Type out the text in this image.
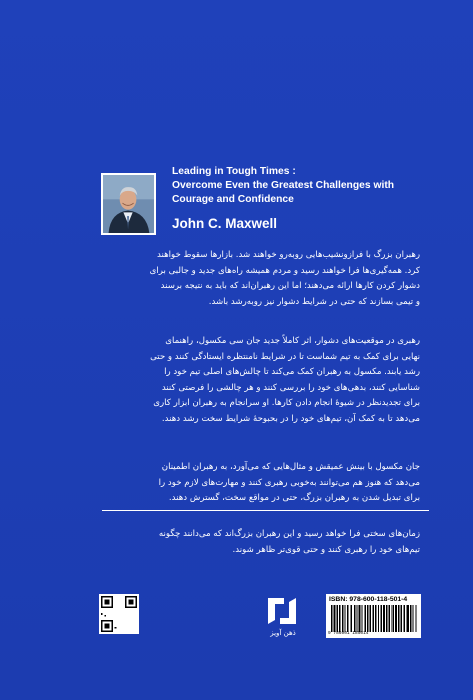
Leading in Tough Times :
Overcome Even the Greatest Challenges with
Courage and Confidence
John C. Maxwell
رهبران بزرگ با فرازونشیب‌هایی روبه‌رو خواهند شد. بازارها سقوط خواهند
کرد. همه‌گیری‌ها فرا خواهند رسید و مردم همیشه راه‌های جدید و جالبی برای
دشوار کردن کارها ارائه می‌دهند؛ اما این رهبران‌اند که باید به نتیجه برسند
و تیمی بسازند که حتی در شرایط دشوار نیز روبه‌رشد باشد.
رهبری در موقعیت‌های دشوار، اثر کاملاً جدید جان سی مکسول، راهنمای
نهایی برای کمک به تیم شماست تا در شرایط نامنتظره ایستادگی کنند و حتی
رشد یابند. مکسول به رهبران کمک می‌کند تا چالش‌های اصلی تیم خود را
شناسایی کنند، بدهی‌های خود را بررسی کنند و هر چالشی را فرصتی کنند
برای تجدیدنظر در شیوهٔ انجام دادن کارها. او سرانجام به رهبران ابزار کاری
می‌دهد تا به کمک آن، تیم‌های خود را در بحبوحهٔ شرایط سخت رشد دهند.
جان مکسول با بینش عمیقش و مثال‌هایی که می‌آورد، به رهبران اطمینان
می‌دهد که هنوز هم می‌توانند به‌خوبی رهبری کنند و مهارت‌های لازم خود را
برای تبدیل شدن به رهبران بزرگ، حتی در مواقع سخت، گسترش دهند.
زمان‌های سختی فرا خواهد رسید و این رهبران بزرگ‌اند که می‌دانند چگونه
تیم‌های خود را رهبری کنند و حتی قوی‌تر ظاهر شوند.
ذهن آویز
ISBN: 978-600-118-501-4
9 786001 185014
